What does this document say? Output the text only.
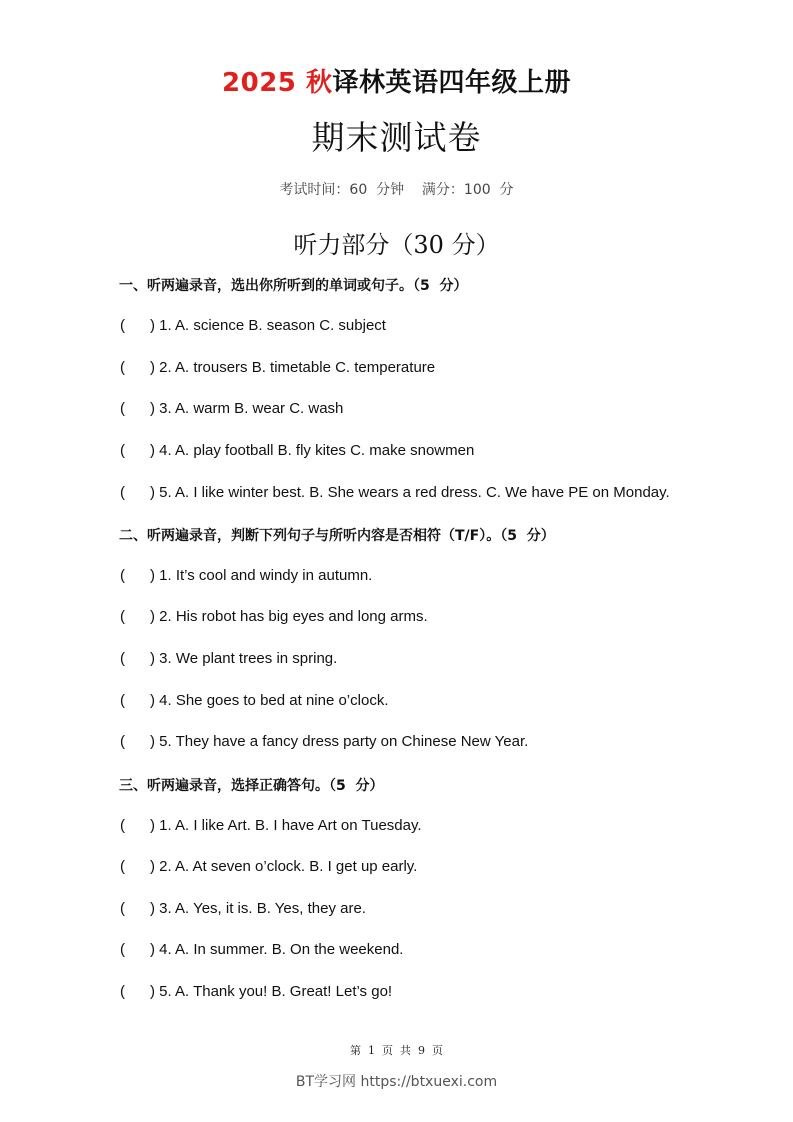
2025 秋译林英语四年级上册
期末测试卷
考试时间：60  分钟    满分：100  分
听力部分（30 分）
一、听两遍录音，选出你所听到的单词或句子。（5  分）
(      ) 1. A. science B. season C. subject
(      ) 2. A. trousers B. timetable C. temperature
(      ) 3. A. warm B. wear C. wash
(      ) 4. A. play football B. fly kites C. make snowmen
(      ) 5. A. I like winter best. B. She wears a red dress. C. We have PE on Monday.
二、听两遍录音，判断下列句子与所听内容是否相符（T/F）。（5  分）
(      ) 1. It’s cool and windy in autumn.
(      ) 2. His robot has big eyes and long arms.
(      ) 3. We plant trees in spring.
(      ) 4. She goes to bed at nine o’clock.
(      ) 5. They have a fancy dress party on Chinese New Year.
三、听两遍录音，选择正确答句。（5  分）
(      ) 1. A. I like Art. B. I have Art on Tuesday.
(      ) 2. A. At seven o’clock. B. I get up early.
(      ) 3. A. Yes, it is. B. Yes, they are.
(      ) 4. A. In summer. B. On the weekend.
(      ) 5. A. Thank you! B. Great! Let’s go!
第  1  页  共  9  页
BT学习网 https://btxuexi.com
